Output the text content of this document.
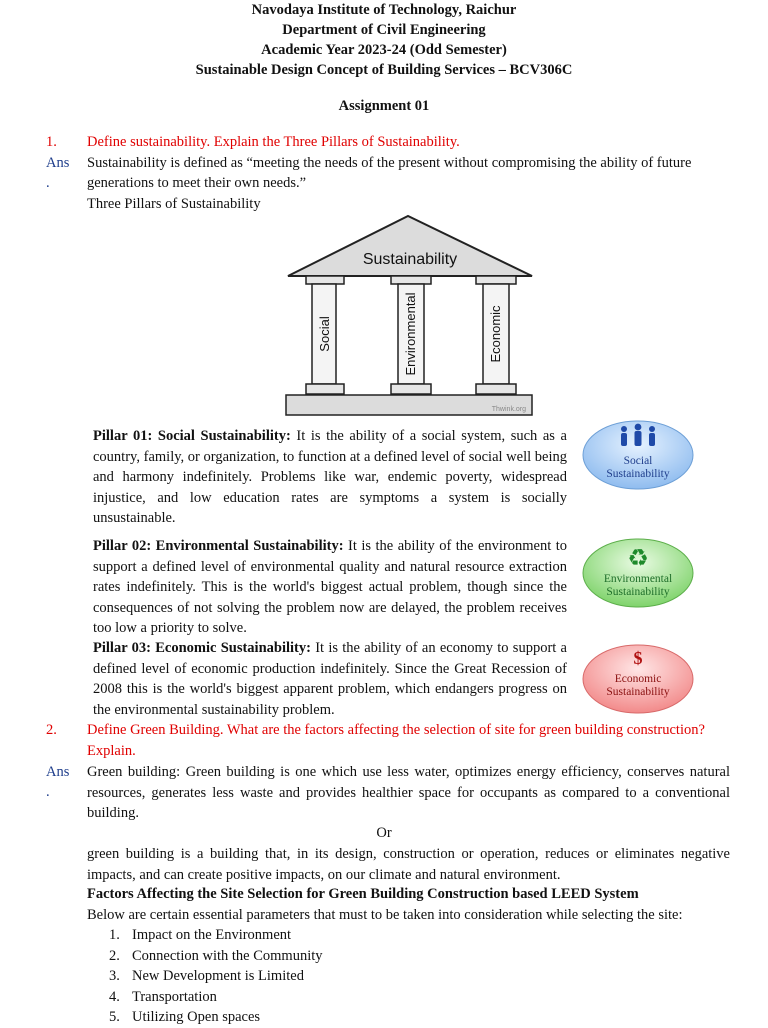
Navodaya Institute of Technology, Raichur
Department of Civil Engineering
Academic Year 2023-24 (Odd Semester)
Sustainable Design Concept of Building Services – BCV306C
Assignment 01
1. Define sustainability. Explain the Three Pillars of Sustainability.
Ans
.
Sustainability is defined as “meeting the needs of the present without compromising the ability of future
generations to meet their own needs.”
Three Pillars of Sustainability
Sustainability
Social	Environmental	Economic
Thwink.org
Pillar 01: Social Sustainability: It is the ability of a social system, such as a country, family, or organization, to function at a defined level of social well being and harmony indefinitely. Problems like war, endemic poverty, widespread injustice, and low education rates are symptoms a system is socially unsustainable.
Social
Sustainability
Pillar 02: Environmental Sustainability: It is the ability of the environment to support a defined level of environmental quality and natural resource extraction rates indefinitely. This is the world's biggest actual problem, though since the consequences of not solving the problem now are delayed, the problem receives too low a priority to solve.
♻
Environmental
Sustainability
Pillar 03: Economic Sustainability: It is the ability of an economy to support a defined level of economic production indefinitely. Since the Great Recession of 2008 this is the world's biggest apparent problem, which endangers progress on the environmental sustainability problem.
$
Economic
Sustainability
2. Define Green Building. What are the factors affecting the selection of site for green building construction?
Explain.
Ans
.
Green building: Green building is one which use less water, optimizes energy efficiency, conserves natural resources, generates less waste and provides healthier space for occupants as compared to a conventional building.
Or
green building is a building that, in its design, construction or operation, reduces or eliminates negative impacts, and can create positive impacts, on our climate and natural environment.
Factors Affecting the Site Selection for Green Building Construction based LEED System
Below are certain essential parameters that must to be taken into consideration while selecting the site:
1. Impact on the Environment
2. Connection with the Community
3. New Development is Limited
4. Transportation
5. Utilizing Open spaces
